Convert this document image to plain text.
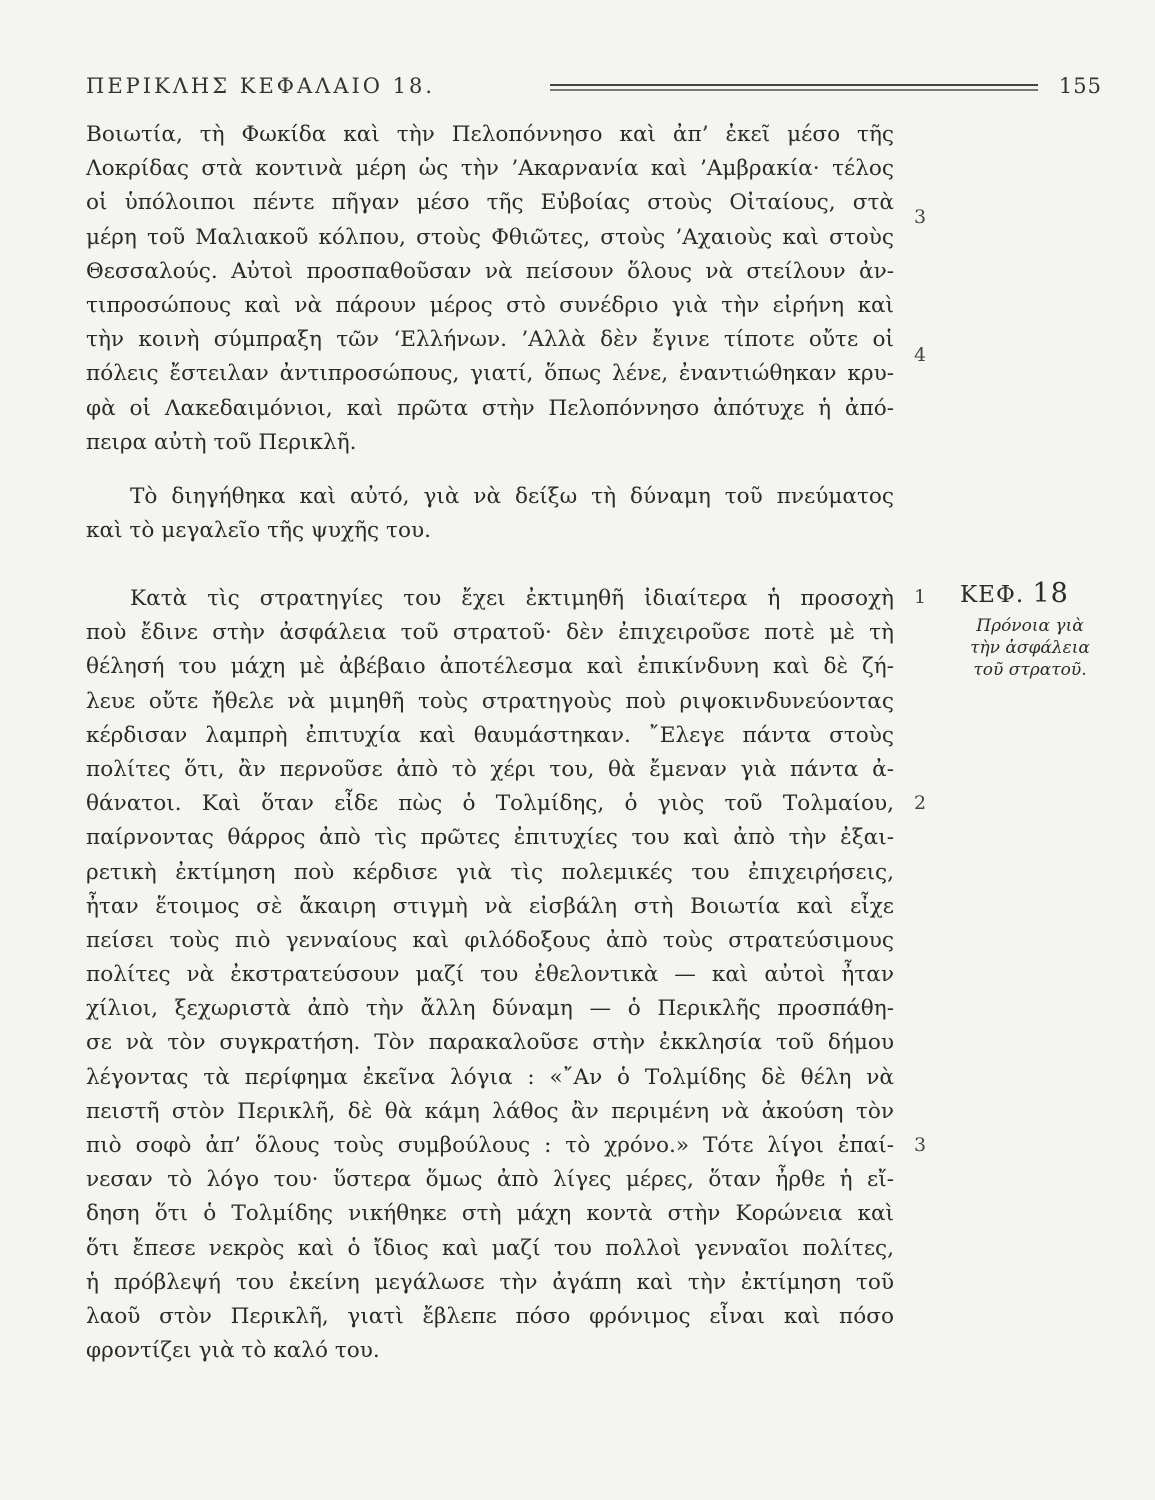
ΠΕΡΙΚΛΗΣ ΚΕΦΑΛΑΙΟ 18.	155
Βοιωτία, τὴ Φωκίδα καὶ τὴν Πελοπόννησο καὶ ἀπ’ ἐκεῖ μέσο τῆς
Λοκρίδας στὰ κοντινὰ μέρη ὡς τὴν ’Ακαρνανία καὶ ’Αμβρακία· τέλος
οἱ ὑπόλοιποι πέντε πῆγαν μέσο τῆς Εὐβοίας στοὺς Οἰταίους, στὰ
μέρη τοῦ Μαλιακοῦ κόλπου, στοὺς Φθιῶτες, στοὺς ’Αχαιοὺς καὶ στοὺς
Θεσσαλούς. Αὐτοὶ προσπαθοῦσαν νὰ πείσουν ὅλους νὰ στείλουν ἀν-
τιπροσώπους καὶ νὰ πάρουν μέρος στὸ συνέδριο γιὰ τὴν εἰρήνη καὶ
τὴν κοινὴ σύμπραξη τῶν ‘Ελλήνων. ’Αλλὰ δὲν ἔγινε τίποτε οὔτε οἱ
πόλεις ἔστειλαν ἀντιπροσώπους, γιατί, ὅπως λένε, ἐναντιώθηκαν κρυ-
φὰ οἱ Λακεδαιμόνιοι, καὶ πρῶτα στὴν Πελοπόννησο ἀπότυχε ἡ ἀπό-
πειρα αὐτὴ τοῦ Περικλῆ.
Τὸ διηγήθηκα καὶ αὐτό, γιὰ νὰ δείξω τὴ δύναμη τοῦ πνεύματος
καὶ τὸ μεγαλεῖο τῆς ψυχῆς του.
Κατὰ τὶς στρατηγίες του ἔχει ἐκτιμηθῆ ἰδιαίτερα ἡ προσοχὴ
ποὺ ἔδινε στὴν ἀσφάλεια τοῦ στρατοῦ· δὲν ἐπιχειροῦσε ποτὲ μὲ τὴ
θέλησή του μάχη μὲ ἀβέβαιο ἀποτέλεσμα καὶ ἐπικίνδυνη καὶ δὲ ζή-
λευε οὔτε ἤθελε νὰ μιμηθῆ τοὺς στρατηγοὺς ποὺ ριψοκινδυνεύοντας
κέρδισαν λαμπρὴ ἐπιτυχία καὶ θαυμάστηκαν. ῎Ελεγε πάντα στοὺς
πολίτες ὅτι, ἂν περνοῦσε ἀπὸ τὸ χέρι του, θὰ ἔμεναν γιὰ πάντα ἀ-
θάνατοι. Καὶ ὅταν εἶδε πὼς ὁ Τολμίδης, ὁ γιὸς τοῦ Τολμαίου,
παίρνοντας θάρρος ἀπὸ τὶς πρῶτες ἐπιτυχίες του καὶ ἀπὸ τὴν ἐξαι-
ρετικὴ ἐκτίμηση ποὺ κέρδισε γιὰ τὶς πολεμικές του ἐπιχειρήσεις,
ἦταν ἕτοιμος σὲ ἄκαιρη στιγμὴ νὰ εἰσβάλη στὴ Βοιωτία καὶ εἶχε
πείσει τοὺς πιὸ γενναίους καὶ φιλόδοξους ἀπὸ τοὺς στρατεύσιμους
πολίτες νὰ ἐκστρατεύσουν μαζί του ἐθελοντικὰ — καὶ αὐτοὶ ἦταν
χίλιοι, ξεχωριστὰ ἀπὸ τὴν ἄλλη δύναμη — ὁ Περικλῆς προσπάθη-
σε νὰ τὸν συγκρατήση. Τὸν παρακαλοῦσε στὴν ἐκκλησία τοῦ δήμου
λέγοντας τὰ περίφημα ἐκεῖνα λόγια : «῎Αν ὁ Τολμίδης δὲ θέλη νὰ
πειστῆ στὸν Περικλῆ, δὲ θὰ κάμη λάθος ἂν περιμένη νὰ ἀκούση τὸν
πιὸ σοφὸ ἀπ’ ὅλους τοὺς συμβούλους : τὸ χρόνο.» Τότε λίγοι ἐπαί-
νεσαν τὸ λόγο του· ὕστερα ὅμως ἀπὸ λίγες μέρες, ὅταν ἦρθε ἡ εἴ-
δηση ὅτι ὁ Τολμίδης νικήθηκε στὴ μάχη κοντὰ στὴν Κορώνεια καὶ
ὅτι ἔπεσε νεκρὸς καὶ ὁ ἴδιος καὶ μαζί του πολλοὶ γενναῖοι πολίτες,
ἡ πρόβλεψή του ἐκείνη μεγάλωσε τὴν ἀγάπη καὶ τὴν ἐκτίμηση τοῦ
λαοῦ στὸν Περικλῆ, γιατὶ ἔβλεπε πόσο φρόνιμος εἶναι καὶ πόσο
φροντίζει γιὰ τὸ καλό του.
3
4
1
2
3
ΚΕΦ. 18
Πρόνοια γιὰ
τὴν ἀσφάλεια
τοῦ στρατοῦ.
